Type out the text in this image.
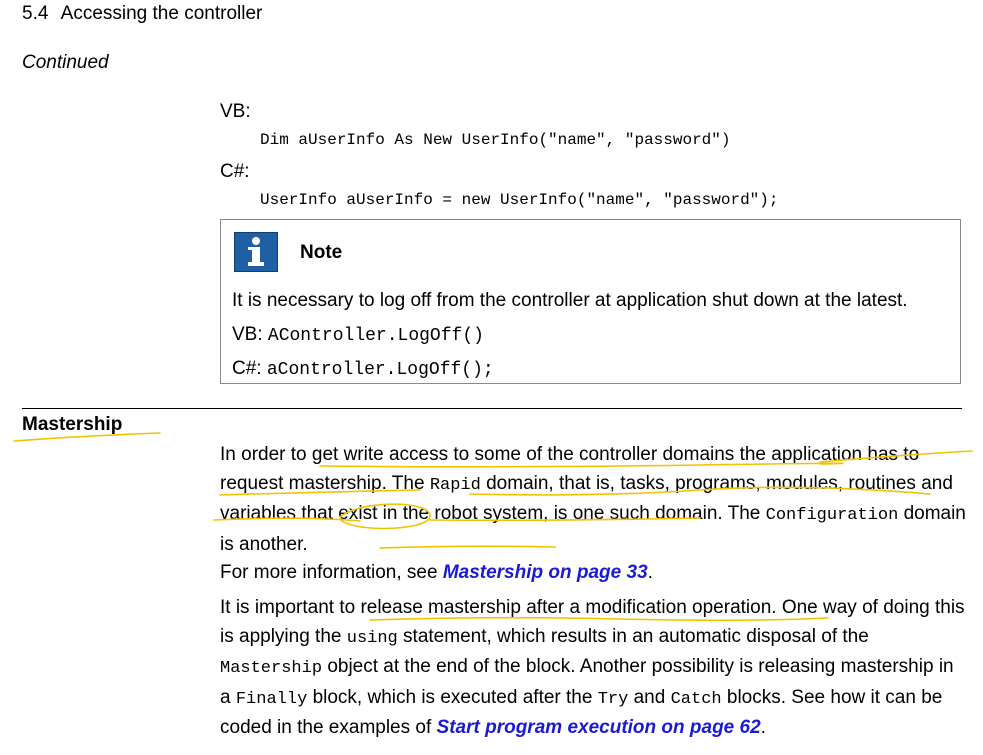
5.4 Accessing the controller
Continued
VB:
Dim aUserInfo As New UserInfo("name", "password")
C#:
UserInfo aUserInfo = new UserInfo("name", "password");
Note
It is necessary to log off from the controller at application shut down at the latest.
VB: AController.LogOff()
C#: aController.LogOff();
Mastership
In order to get write access to some of the controller domains the application has to request mastership. The Rapid domain, that is, tasks, programs, modules, routines and variables that exist in the robot system, is one such domain. The Configuration domain is another.
For more information, see Mastership on page 33.
It is important to release mastership after a modification operation. One way of doing this is applying the using statement, which results in an automatic disposal of the Mastership object at the end of the block. Another possibility is releasing mastership in a Finally block, which is executed after the Try and Catch blocks. See how it can be coded in the examples of Start program execution on page 62.
